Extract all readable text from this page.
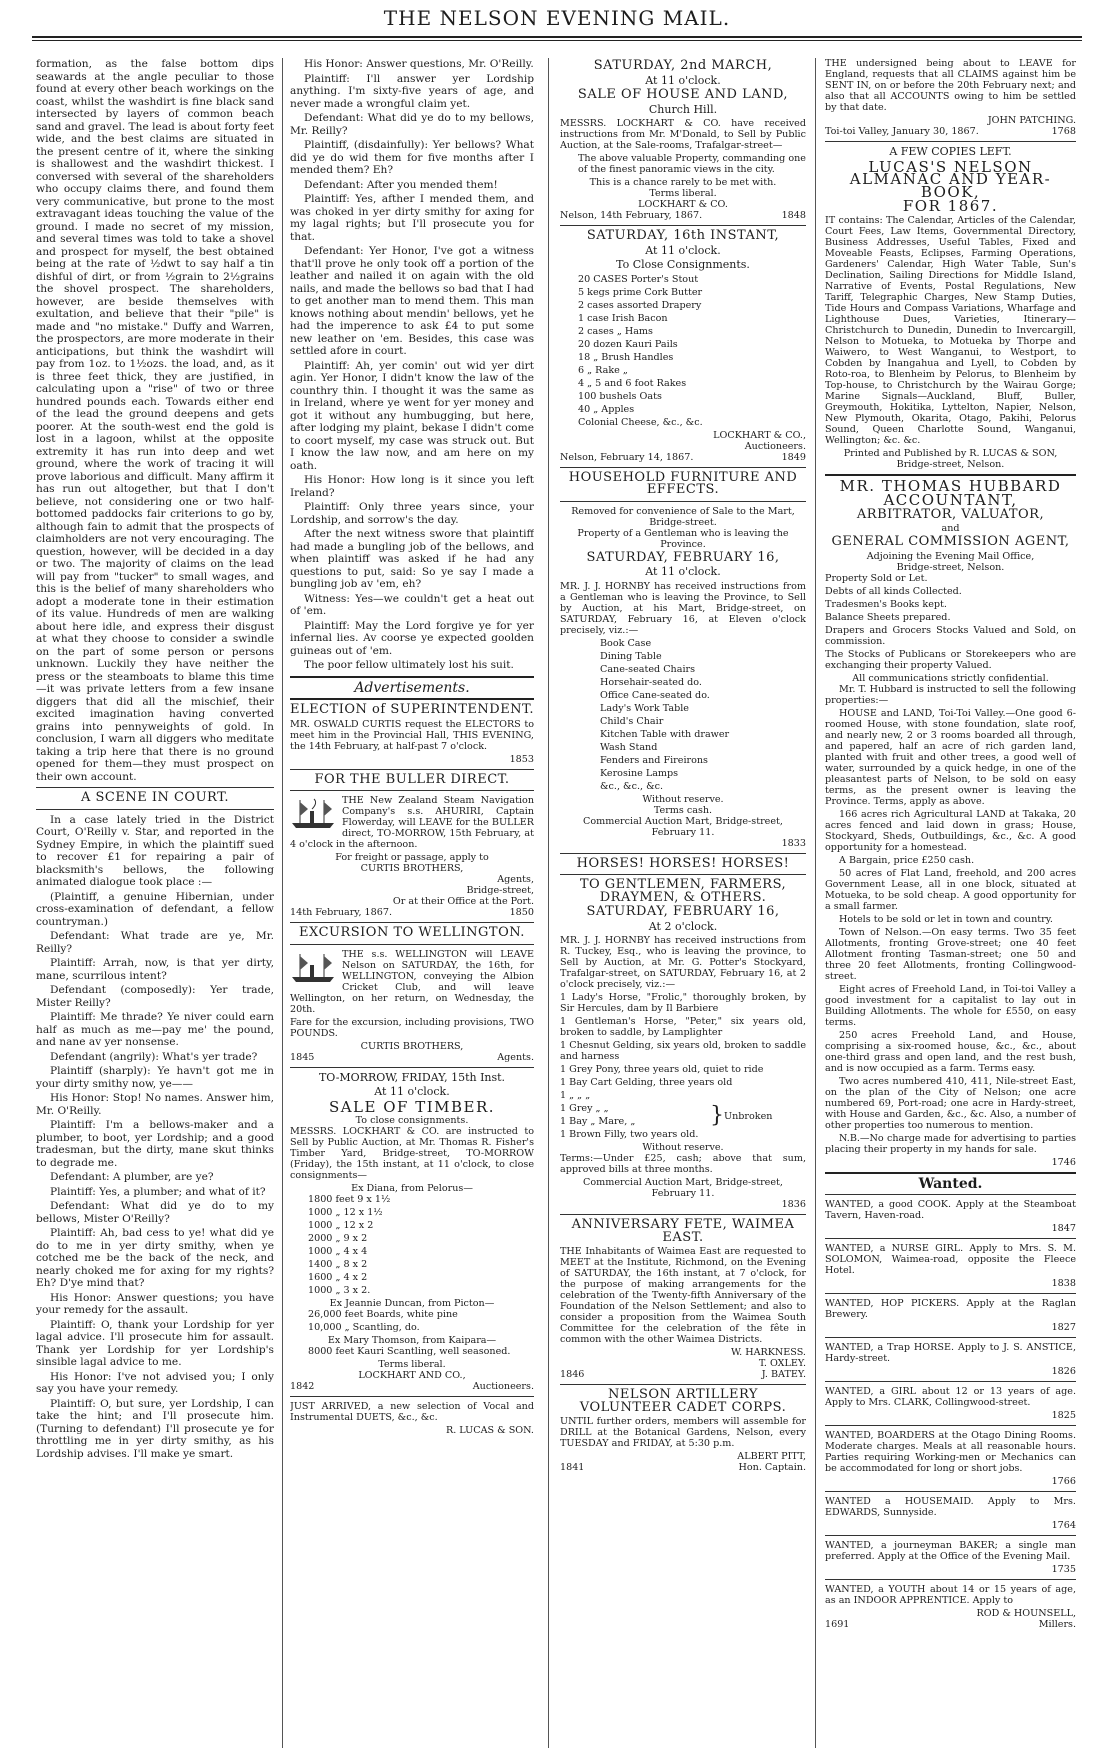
THE NELSON EVENING MAIL.

formation, as the false bottom dips seawards at the angle peculiar to those found at every other beach workings on the coast, whilst the washdirt is fine black sand intersected by layers of common beach sand and gravel. The lead is about forty feet wide, and the best claims are situated in the present centre of it, where the sinking is shallowest and the washdirt thickest. I conversed with several of the shareholders who occupy claims there, and found them very communicative, but prone to the most extravagant ideas touching the value of the ground. I made no secret of my mission, and several times was told to take a shovel and prospect for myself, the best obtained being at the rate of ½dwt to say half a tin dishful of dirt, or from ½grain to 2½grains the shovel prospect. The shareholders, however, are beside themselves with exultation, and believe that their "pile" is made and "no mistake." Duffy and Warren, the prospectors, are more moderate in their anticipations, but think the washdirt will pay from 1oz. to 1½ozs. the load, and, as it is three feet thick, they are justified, in calculating upon a "rise" of two or three hundred pounds each. Towards either end of the lead the ground deepens and gets poorer. At the south-west end the gold is lost in a lagoon, whilst at the opposite extremity it has run into deep and wet ground, where the work of tracing it will prove laborious and difficult. Many affirm it has run out altogether, but that I don't believe, not considering one or two half-bottomed paddocks fair criterions to go by, although fain to admit that the prospects of claimholders are not very encouraging. The question, however, will be decided in a day or two. The majority of claims on the lead will pay from "tucker" to small wages, and this is the belief of many shareholders who adopt a moderate tone in their estimation of its value. Hundreds of men are walking about here idle, and express their disgust at what they choose to consider a swindle on the part of some person or persons unknown. Luckily they have neither the press or the steamboats to blame this time—it was private letters from a few insane diggers that did all the mischief, their excited imagination having converted grains into pennyweights of gold. In conclusion, I warn all diggers who meditate taking a trip here that there is no ground opened for them—they must prospect on their own account.

A SCENE IN COURT.

In a case lately tried in the District Court, O'Reilly v. Star, and reported in the Sydney Empire, in which the plaintiff sued to recover £1 for repairing a pair of blacksmith's bellows, the following animated dialogue took place :—

(Plaintiff, a genuine Hibernian, under cross-examination of defendant, a fellow countryman.)

Defendant: What trade are ye, Mr. Reilly?

Plaintiff: Arrah, now, is that yer dirty, mane, scurrilous intent?

Defendant (composedly): Yer trade, Mister Reilly?

Plaintiff: Me thrade? Ye niver could earn half as much as me—pay me' the pound, and nane av yer nonsense.

Defendant (angrily): What's yer trade?

Plaintiff (sharply): Ye havn't got me in your dirty smithy now, ye——

His Honor: Stop! No names. Answer him, Mr. O'Reilly.

Plaintiff: I'm a bellows-maker and a plumber, to boot, yer Lordship; and a good tradesman, but the dirty, mane skut thinks to degrade me.

Defendant: A plumber, are ye?

Plaintiff: Yes, a plumber; and what of it?

Defendant: What did ye do to my bellows, Mister O'Reilly?

Plaintiff: Ah, bad cess to ye! what did ye do to me in yer dirty smithy, when ye cotched me be the back of the neck, and nearly choked me for axing for my rights? Eh? D'ye mind that?

His Honor: Answer questions; you have your remedy for the assault.

Plaintiff: O, thank your Lordship for yer lagal advice. I'll prosecute him for assault. Thank yer Lordship for yer Lordship's sinsible lagal advice to me.

His Honor: I've not advised you; I only say you have your remedy.

Plaintiff: O, but sure, yer Lordship, I can take the hint; and I'll prosecute him. (Turning to defendant) I'll prosecute ye for throttling me in yer dirty smithy, as his Lordship advises. I'll make ye smart.

His Honor: Answer questions, Mr. O'Reilly.

Plaintiff: I'll answer yer Lordship anything. I'm sixty-five years of age, and never made a wrongful claim yet.

Defendant: What did ye do to my bellows, Mr. Reilly?

Plaintiff, (disdainfully): Yer bellows? What did ye do wid them for five months after I mended them? Eh?

Defendant: After you mended them!

Plaintiff: Yes, afther I mended them, and was choked in yer dirty smithy for axing for my lagal rights; but I'll prosecute you for that.

Defendant: Yer Honor, I've got a witness that'll prove he only took off a portion of the leather and nailed it on again with the old nails, and made the bellows so bad that I had to get another man to mend them. This man knows nothing about mendin' bellows, yet he had the imperence to ask £4 to put some new leather on 'em. Besides, this case was settled afore in court.

Plaintiff: Ah, yer comin' out wid yer dirt agin. Yer Honor, I didn't know the law of the counthry thin. I thought it was the same as in Ireland, where ye went for yer money and got it without any humbugging, but here, after lodging my plaint, bekase I didn't come to coort myself, my case was struck out. But I know the law now, and am here on my oath.

His Honor: How long is it since you left Ireland?

Plaintiff: Only three years since, your Lordship, and sorrow's the day.

After the next witness swore that plaintiff had made a bungling job of the bellows, and when plaintiff was asked if he had any questions to put, said: So ye say I made a bungling job av 'em, eh?

Witness: Yes—we couldn't get a heat out of 'em.

Plaintiff: May the Lord forgive ye for yer infernal lies. Av coorse ye expected goolden guineas out of 'em.

The poor fellow ultimately lost his suit.

Advertisements.
ELECTION of SUPERINTENDENT.

MR. OSWALD CURTIS request the ELECTORS to meet him in the Provincial Hall, THIS EVENING, the 14th February, at half-past 7 o'clock.

1853
FOR THE BULLER DIRECT.

THE New Zealand Steam Navigation Company's s.s. AHURIRI, Captain Flowerday, will LEAVE for the BULLER direct, TO-MORROW, 15th February, at 4 o'clock in the afternoon.

For freight or passage, apply to
CURTIS BROTHERS,
Agents,
Bridge-street,
Or at their Office at the Port.
14th February, 1867.	1850
EXCURSION TO WELLINGTON.

THE s.s. WELLINGTON will LEAVE Nelson on SATURDAY, the 16th, for WELLINGTON, conveying the Albion Cricket Club, and will leave Wellington, on her return, on Wednesday, the 20th.

Fare for the excursion, including provisions, TWO POUNDS.

CURTIS BROTHERS,
1845	Agents.
TO-MORROW, FRIDAY, 15th Inst.
At 11 o'clock.
SALE OF TIMBER.
To close consignments.

MESSRS. LOCKHART & CO. are instructed to Sell by Public Auction, at Mr. Thomas R. Fisher's Timber Yard, Bridge-street, TO-MORROW (Friday), the 15th instant, at 11 o'clock, to close consignments—

Ex Diana, from Pelorus—

1800 feet 9 x 1½

1000 „ 12 x 1½

1000 „ 12 x 2

2000 „ 9 x 2

1000 „ 4 x 4

1400 „ 8 x 2

1600 „ 4 x 2

1000 „ 3 x 2.

Ex Jeannie Duncan, from Picton—

26,000 feet Boards, white pine

10,000 „ Scantling, do.

Ex Mary Thomson, from Kaipara—

8000 feet Kauri Scantling, well seasoned.

Terms liberal.
LOCKHART AND CO.,
1842	Auctioneers.

JUST ARRIVED, a new selection of Vocal and Instrumental DUETS, &c., &c.

R. LUCAS & SON.
SATURDAY, 2nd MARCH,
At 11 o'clock.
SALE OF HOUSE AND LAND,
Church Hill.

MESSRS. LOCKHART & CO. have received instructions from Mr. M'Donald, to Sell by Public Auction, at the Sale-rooms, Trafalgar-street—

The above valuable Property, commanding one of the finest panoramic views in the city.

This is a chance rarely to be met with.
Terms liberal.
LOCKHART & CO.
Nelson, 14th February, 1867.	1848
SATURDAY, 16th INSTANT,
At 11 o'clock.
To Close Consignments.

20 CASES Porter's Stout

5 kegs prime Cork Butter

2 cases assorted Drapery

1 case Irish Bacon

2 cases „ Hams

20 dozen Kauri Pails

18 „ Brush Handles

6 „ Rake „

4 „ 5 and 6 foot Rakes

100 bushels Oats

40 „ Apples

Colonial Cheese, &c., &c.

LOCKHART & CO.,
Auctioneers.
Nelson, February 14, 1867.	1849
HOUSEHOLD FURNITURE AND EFFECTS.
Removed for convenience of Sale to the Mart, Bridge-street.
Property of a Gentleman who is leaving the Province.
SATURDAY, FEBRUARY 16,
At 11 o'clock.

MR. J. J. HORNBY has received instructions from a Gentleman who is leaving the Province, to Sell by Auction, at his Mart, Bridge-street, on SATURDAY, February 16, at Eleven o'clock precisely, viz.:—

Book Case

Dining Table

Cane-seated Chairs

Horsehair-seated do.

Office Cane-seated do.

Lady's Work Table

Child's Chair

Kitchen Table with drawer

Wash Stand

Fenders and Fireirons

Kerosine Lamps

&c., &c., &c.

Without reserve.
Terms cash.
Commercial Auction Mart, Bridge-street, February 11.
1833
HORSES! HORSES! HORSES!
TO GENTLEMEN, FARMERS, DRAYMEN, & OTHERS.
SATURDAY, FEBRUARY 16,
At 2 o'clock.

MR. J. J. HORNBY has received instructions from R. Tuckey, Esq., who is leaving the province, to Sell by Auction, at Mr. G. Potter's Stockyard, Trafalgar-street, on SATURDAY, February 16, at 2 o'clock precisely, viz.:—

1 Lady's Horse, "Frolic," thoroughly broken, by Sir Hercules, dam by Il Barbiere

1 Gentleman's Horse, "Peter," six years old, broken to saddle, by Lamplighter

1 Chesnut Gelding, six years old, broken to saddle and harness

1 Grey Pony, three years old, quiet to ride

1 Bay Cart Gelding, three years old

1 „ „ „

1 Grey „ „

1 Bay „ Mare, „

1 Brown Filly, two years old.

} Unbroken
Without reserve.

Terms:—Under £25, cash; above that sum, approved bills at three months.

Commercial Auction Mart, Bridge-street, February 11.
1836
ANNIVERSARY FETE, WAIMEA EAST.

THE Inhabitants of Waimea East are requested to MEET at the Institute, Richmond, on the Evening of SATURDAY, the 16th instant, at 7 o'clock, for the purpose of making arrangements for the celebration of the Twenty-fifth Anniversary of the Foundation of the Nelson Settlement; and also to consider a proposition from the Waimea South Committee for the celebration of the fête in common with the other Waimea Districts.

W. HARKNESS.
T. OXLEY.
1846	J. BATEY.
NELSON ARTILLERY VOLUNTEER CADET CORPS.

UNTIL further orders, members will assemble for DRILL at the Botanical Gardens, Nelson, every TUESDAY and FRIDAY, at 5:30 p.m.

ALBERT PITT,
1841	Hon. Captain.

THE undersigned being about to LEAVE for England, requests that all CLAIMS against him be SENT IN, on or before the 20th February next; and also that all ACCOUNTS owing to him be settled by that date.

JOHN PATCHING.
Toi-toi Valley, January 30, 1867.	1768
A FEW COPIES LEFT.
LUCAS'S NELSON ALMANAC AND YEAR-BOOK,
FOR 1867.

IT contains: The Calendar, Articles of the Calendar, Court Fees, Law Items, Governmental Directory, Business Addresses, Useful Tables, Fixed and Moveable Feasts, Eclipses, Farming Operations, Gardeners' Calendar, High Water Table, Sun's Declination, Sailing Directions for Middle Island, Narrative of Events, Postal Regulations, New Tariff, Telegraphic Charges, New Stamp Duties, Tide Hours and Compass Variations, Wharfage and Lighthouse Dues, Varieties, Itinerary—Christchurch to Dunedin, Dunedin to Invercargill, Nelson to Motueka, to Motueka by Thorpe and Waiwero, to West Wanganui, to Westport, to Cobden by Inangahua and Lyell, to Cobden by Roto-roa, to Blenheim by Pelorus, to Blenheim by Top-house, to Christchurch by the Wairau Gorge; Marine Signals—Auckland, Bluff, Buller, Greymouth, Hokitika, Lyttelton, Napier, Nelson, New Plymouth, Okarita, Otago, Pakihi, Pelorus Sound, Queen Charlotte Sound, Wanganui, Wellington; &c. &c.

Printed and Published by R. LUCAS & SON, Bridge-street, Nelson.
MR. THOMAS HUBBARD
ACCOUNTANT,
ARBITRATOR, VALUATOR,
and
GENERAL COMMISSION AGENT,
Adjoining the Evening Mail Office,
Bridge-street, Nelson.

Property Sold or Let.

Debts of all kinds Collected.

Tradesmen's Books kept.

Balance Sheets prepared.

Drapers and Grocers Stocks Valued and Sold, on commission.

The Stocks of Publicans or Storekeepers who are exchanging their property Valued.

All communications strictly confidential.

Mr. T. Hubbard is instructed to sell the following properties:—

HOUSE and LAND, Toi-Toi Valley.—One good 6-roomed House, with stone foundation, slate roof, and nearly new, 2 or 3 rooms boarded all through, and papered, half an acre of rich garden land, planted with fruit and other trees, a good well of water, surrounded by a quick hedge, in one of the pleasantest parts of Nelson, to be sold on easy terms, as the present owner is leaving the Province. Terms, apply as above.

166 acres rich Agricultural LAND at Takaka, 20 acres fenced and laid down in grass; House, Stockyard, Sheds, Outbuildings, &c., &c. A good opportunity for a homestead.

A Bargain, price £250 cash.

50 acres of Flat Land, freehold, and 200 acres Government Lease, all in one block, situated at Motueka, to be sold cheap. A good opportunity for a small farmer.

Hotels to be sold or let in town and country.

Town of Nelson.—On easy terms. Two 35 feet Allotments, fronting Grove-street; one 40 feet Allotment fronting Tasman-street; one 50 and three 20 feet Allotments, fronting Collingwood-street.

Eight acres of Freehold Land, in Toi-toi Valley a good investment for a capitalist to lay out in Building Allotments. The whole for £550, on easy terms.

250 acres Freehold Land, and House, comprising a six-roomed house, &c., &c., about one-third grass and open land, and the rest bush, and is now occupied as a farm. Terms easy.

Two acres numbered 410, 411, Nile-street East, on the plan of the City of Nelson; one acre numbered 69, Port-road; one acre in Hardy-street, with House and Garden, &c., &c. Also, a number of other properties too numerous to mention.

N.B.—No charge made for advertising to parties placing their property in my hands for sale.

1746
Wanted.

WANTED, a good COOK. Apply at the Steamboat Tavern, Haven-road.

1847

WANTED, a NURSE GIRL. Apply to Mrs. S. M. SOLOMON, Waimea-road, opposite the Fleece Hotel.

1838

WANTED, HOP PICKERS. Apply at the Raglan Brewery.

1827

WANTED, a Trap HORSE. Apply to J. S. ANSTICE, Hardy-street.

1826

WANTED, a GIRL about 12 or 13 years of age. Apply to Mrs. CLARK, Collingwood-street.

1825

WANTED, BOARDERS at the Otago Dining Rooms. Moderate charges. Meals at all reasonable hours. Parties requiring Working-men or Mechanics can be accommodated for long or short jobs.

1766

WANTED a HOUSEMAID. Apply to Mrs. EDWARDS, Sunnyside.

1764

WANTED, a journeyman BAKER; a single man preferred. Apply at the Office of the Evening Mail.

1735

WANTED, a YOUTH about 14 or 15 years of age, as an INDOOR APPRENTICE. Apply to

ROD & HOUNSELL,
1691	Millers.
